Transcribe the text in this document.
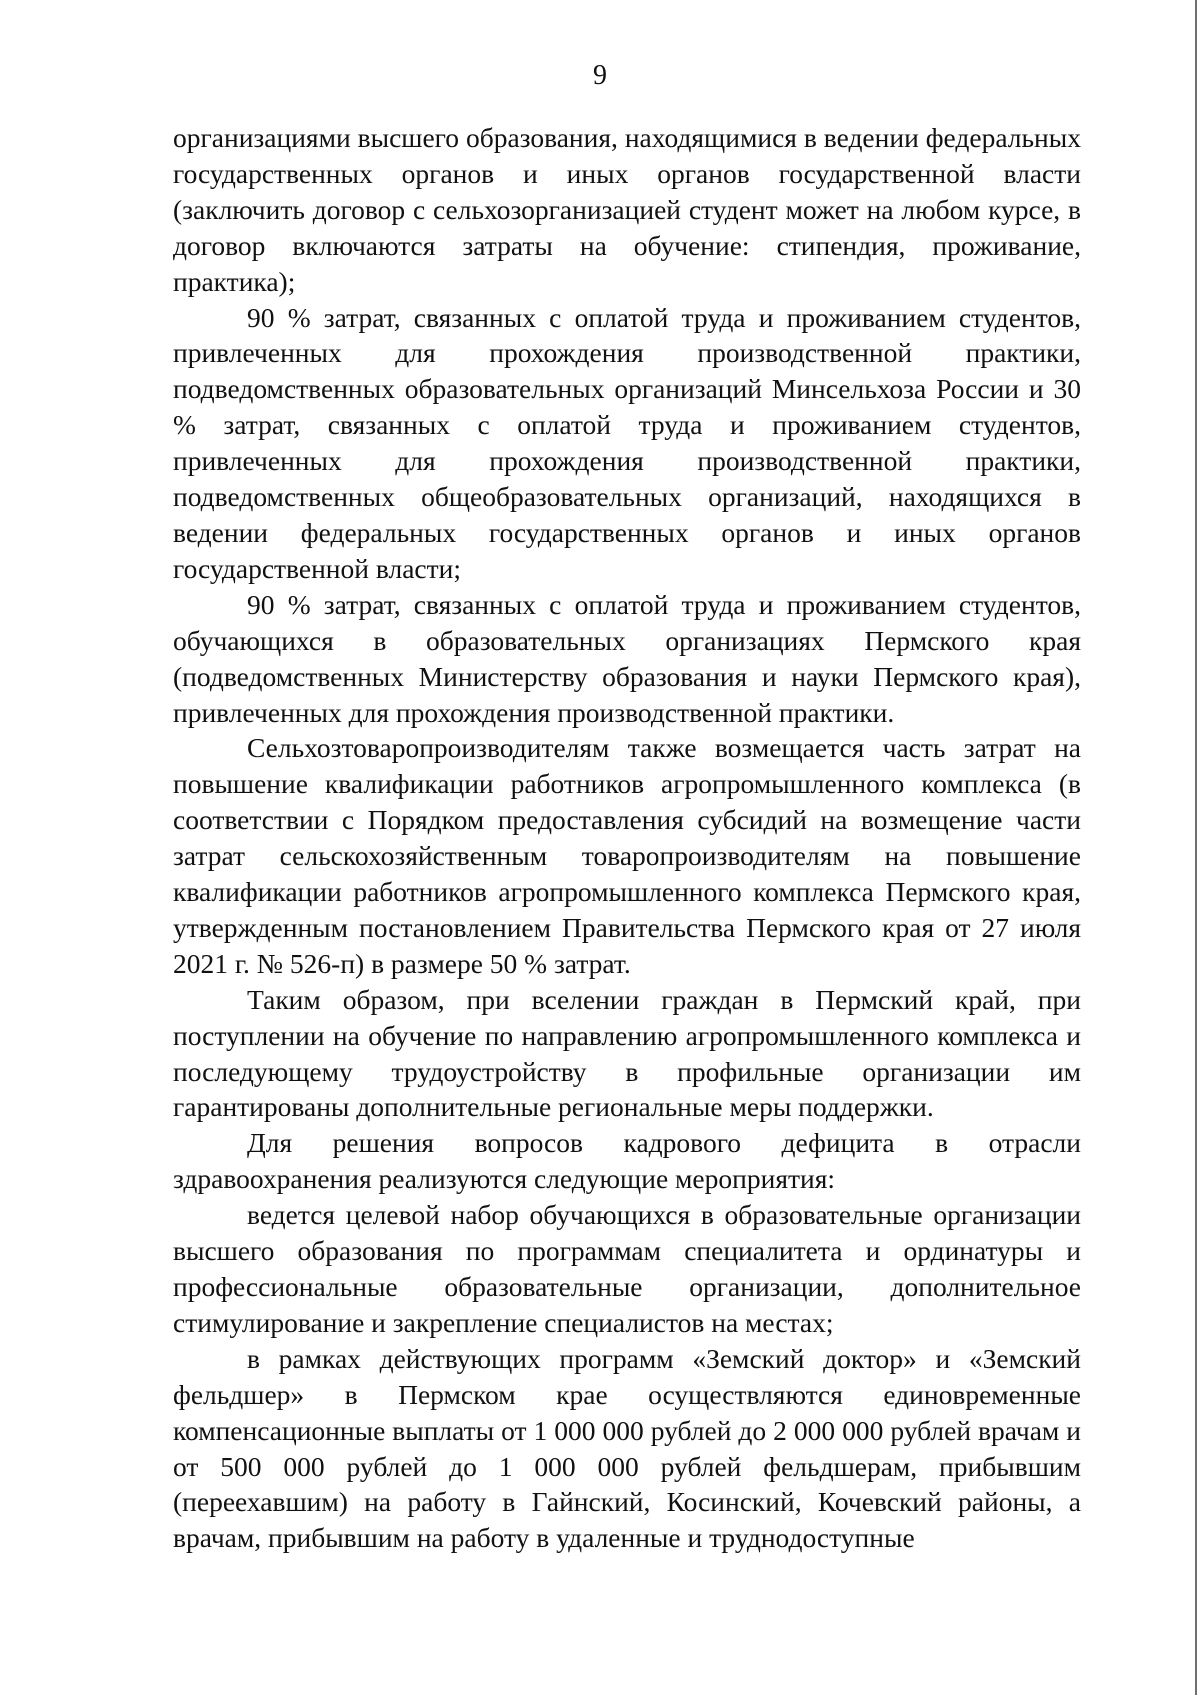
9

организациями высшего образования, находящимися в ведении федеральных государственных органов и иных органов государственной власти (заключить договор с сельхозорганизацией студент может на любом курсе, в договор включаются затраты на обучение: стипендия, проживание, практика);

90 % затрат, связанных с оплатой труда и проживанием студентов, привлеченных для прохождения производственной практики, подведомственных образовательных организаций Минсельхоза России и 30 % затрат, связанных с оплатой труда и проживанием студентов, привлеченных для прохождения производственной практики, подведомственных общеобразовательных организаций, находящихся в ведении федеральных государственных органов и иных органов государственной власти;

90 % затрат, связанных с оплатой труда и проживанием студентов, обучающихся в образовательных организациях Пермского края (подведомственных Министерству образования и науки Пермского края), привлеченных для прохождения производственной практики.

Сельхозтоваропроизводителям также возмещается часть затрат на повышение квалификации работников агропромышленного комплекса (в соответствии с Порядком предоставления субсидий на возмещение части затрат сельскохозяйственным товаропроизводителям на повышение квалификации работников агропромышленного комплекса Пермского края, утвержденным постановлением Правительства Пермского края от 27 июля 2021 г. № 526-п) в размере 50 % затрат.

Таким образом, при вселении граждан в Пермский край, при поступлении на обучение по направлению агропромышленного комплекса и последующему трудоустройству в профильные организации им гарантированы дополнительные региональные меры поддержки.

Для решения вопросов кадрового дефицита в отрасли здравоохранения реализуются следующие мероприятия:

ведется целевой набор обучающихся в образовательные организации высшего образования по программам специалитета и ординатуры и профессиональные образовательные организации, дополнительное стимулирование и закрепление специалистов на местах;

в рамках действующих программ «Земский доктор» и «Земский фельдшер» в Пермском крае осуществляются единовременные компенсационные выплаты от 1 000 000 рублей до 2 000 000 рублей врачам и от 500 000 рублей до 1 000 000 рублей фельдшерам, прибывшим (переехавшим) на работу в Гайнский, Косинский, Кочевский районы, а врачам, прибывшим на работу в удаленные и труднодоступные
